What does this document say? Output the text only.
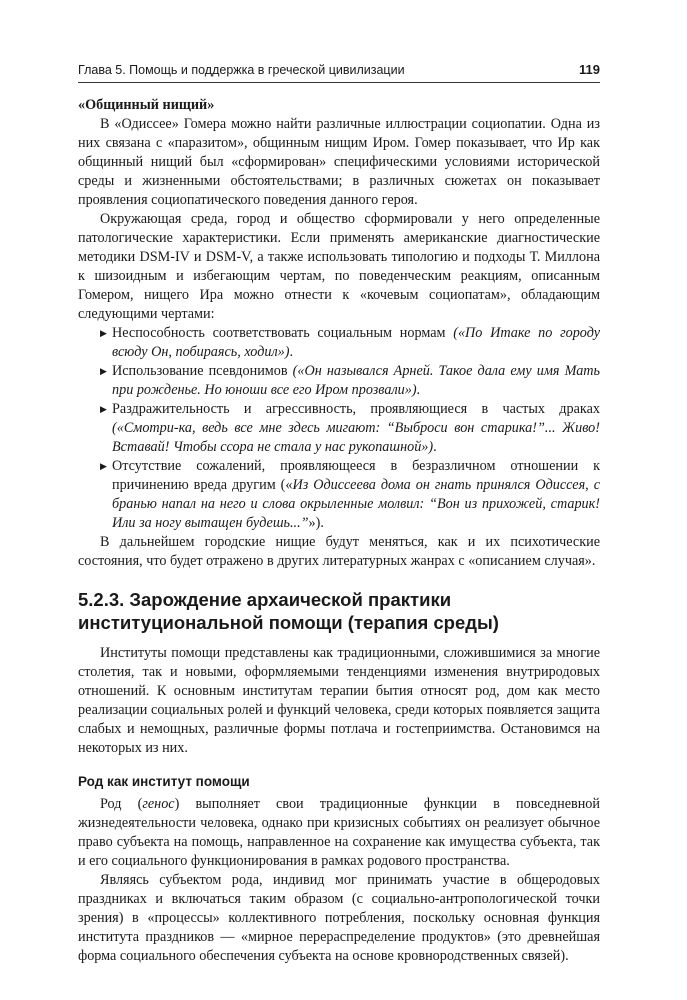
Глава 5. Помощь и поддержка в греческой цивилизации	119

«Общинный нищий»

В «Одиссее» Гомера можно найти различные иллюстрации социопатии. Одна из них связана с «паразитом», общинным нищим Иром. Гомер показывает, что Ир как общинный нищий был «сформирован» специфическими условиями исторической среды и жизненными обстоятельствами; в различных сюжетах он показывает проявления социопатического поведения данного героя.

Окружающая среда, город и общество сформировали у него определенные патологические характеристики. Если применять американские диагностические методики DSM-IV и DSM-V, а также использовать типологию и подходы Т. Миллона к шизоидным и избегающим чертам, по поведенческим реакциям, описанным Гомером, нищего Ира можно отнести к «кочевым социопатам», обладающим следующими чертами:

▶ Неспособность соответствовать социальным нормам («По Итаке по городу всюду Он, побираясь, ходил»).
▶ Использование псевдонимов («Он назывался Арней. Такое дала ему имя Мать при рожденье. Но юноши все его Иром прозвали»).
▶ Раздражительность и агрессивность, проявляющиеся в частых драках («Смотри-ка, ведь все мне здесь мигают: “Выброси вон старика!”... Живо! Вставай! Чтобы ссора не стала у нас рукопашной»).
▶ Отсутствие сожалений, проявляющееся в безразличном отношении к причинению вреда другим («Из Одиссеева дома он гнать принялся Одиссея, с бранью напал на него и слова окрыленные молвил: “Вон из прихожей, старик! Или за ногу вытащен будешь...”»).

В дальнейшем городские нищие будут меняться, как и их психотические состояния, что будет отражено в других литературных жанрах с «описанием случая».

5.2.3. Зарождение архаической практики
институциональной помощи (терапия среды)

Институты помощи представлены как традиционными, сложившимися за многие столетия, так и новыми, оформляемыми тенденциями изменения внутриродовых отношений. К основным институтам терапии бытия относят род, дом как место реализации социальных ролей и функций человека, среди которых появляется защита слабых и немощных, различные формы потлача и гостеприимства. Остановимся на некоторых из них.

Род как институт помощи

Род (генос) выполняет свои традиционные функции в повседневной жизнедеятельности человека, однако при кризисных событиях он реализует обычное право субъекта на помощь, направленное на сохранение как имущества субъекта, так и его социального функционирования в рамках родового пространства.

Являясь субъектом рода, индивид мог принимать участие в общеродовых праздниках и включаться таким образом (с социально-антропологической точки зрения) в «процессы» коллективного потребления, поскольку основная функция института праздников — «мирное перераспределение продуктов» (это древнейшая форма социального обеспечения субъекта на основе кровнородственных связей).
